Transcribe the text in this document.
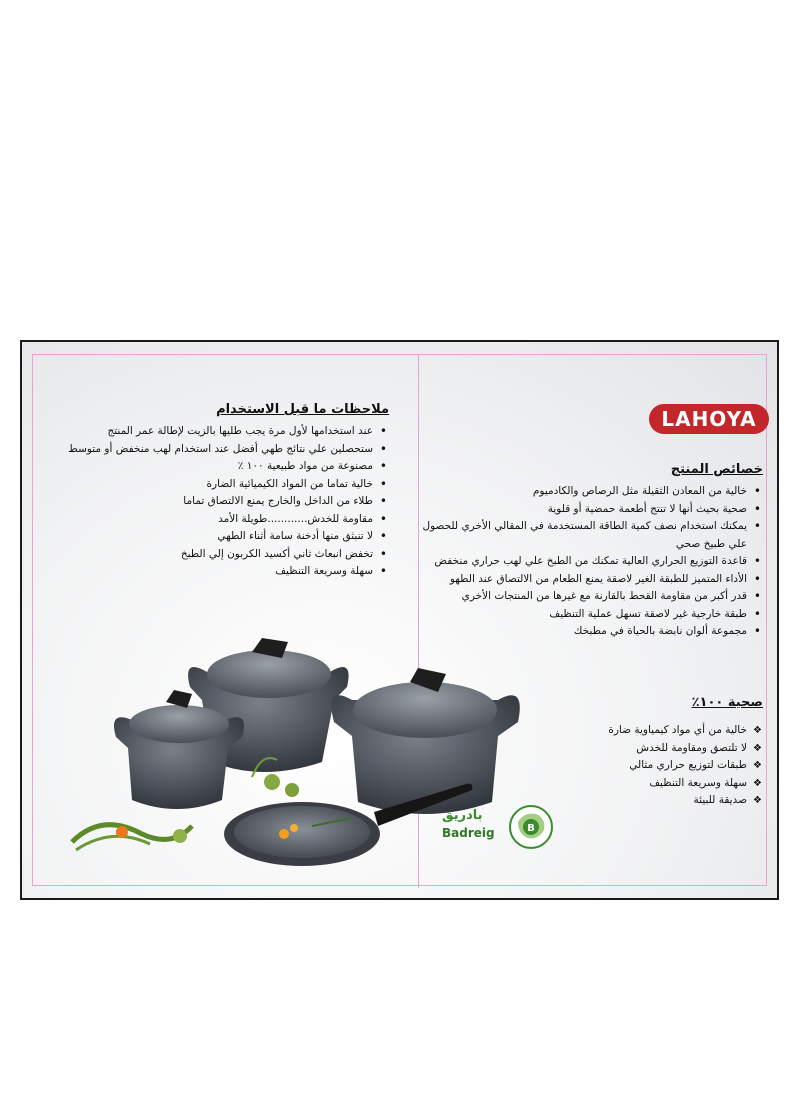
ملاحظات ما قبل الاستخدام
• عند استخدامها لأول مرة يجب طليها بالزيت لإطالة عمر المنتج
• ستحصلين علي نتائج طهي أفضل عند استخدام لهب منخفض أو متوسط
• مصنوعة من مواد طبيعية ١٠٠ ٪
• خالية تماما من المواد الكيميائية الضارة
• طلاء من الداخل والخارج يمنع الالتصاق تماما
• مقاومة للخدش............طويلة الأمد
• لا تنبثق منها أدخنة سامة أثناء الطهي
• تخفض انبعاث ثاني أكسيد الكربون إلي الطبخ
• سهلة وسريعة التنظيف
LAHOYA
خصائص المنتج
• خالية من المعادن الثقيلة مثل الرصاص والكادميوم
• صحية بحيث أنها لا تنتج أطعمة حمضية أو قلوية
• يمكنك استخدام نصف كمية الطاقة المستخدمة في المقالي الأخري للحصول علي طبيخ صحي
• قاعدة التوزيع الحراري العالية تمكنك من الطبخ علي لهب حراري منخفض
• الأداء المتميز للطبقة الغير لاصقة يمنع الطعام من الالتصاق عند الطهو
• قدر أكبر من مقاومة القحط بالقارنة مع غيرها من المنتجات الأخري
• طبقة خارجية غير لاصقة تسهل عملية التنظيف
• مجموعة ألوان نابضة بالحياة في مطبخك
صحية ١٠٠٪
❖ خالية من أي مواد كيمياوية ضارة
❖ لا تلتصق ومقاومة للخدش
❖ طبقات لتوزيع حراري مثالي
❖ سهلة وسريعة التنظيف
❖ صديقة للبيئة
بادريق
Badreig	B
